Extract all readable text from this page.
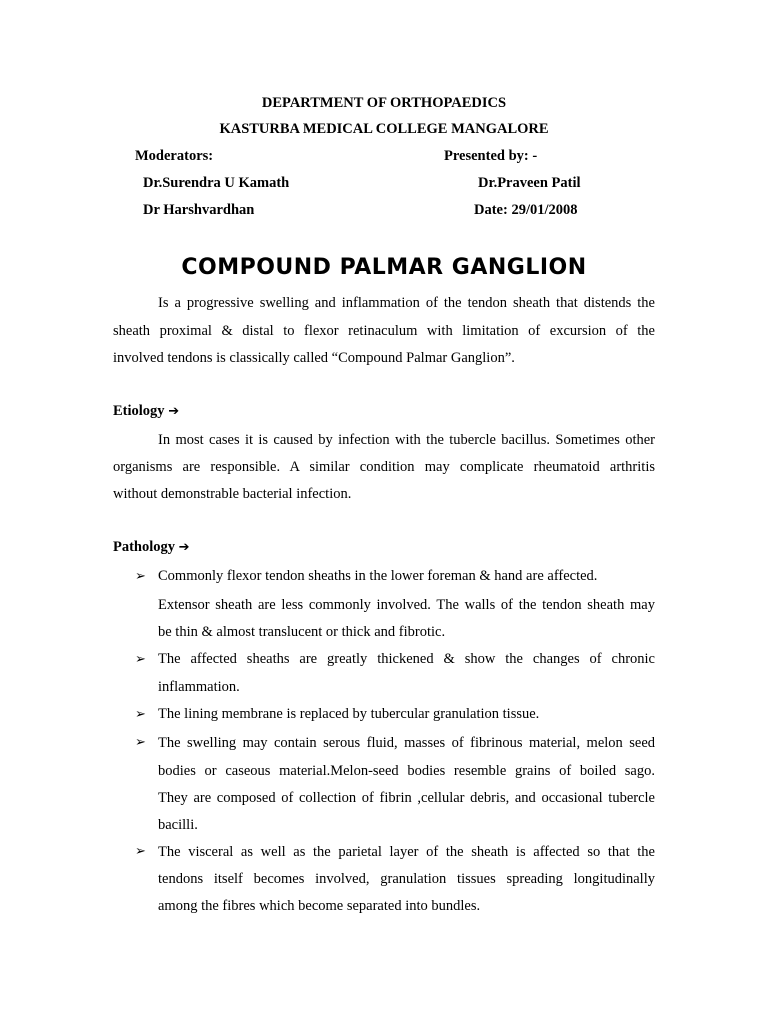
DEPARTMENT OF ORTHOPAEDICS
KASTURBA MEDICAL COLLEGE MANGALORE
Moderators:	Presented by: -
Dr.Surendra U Kamath	Dr.Praveen Patil
Dr Harshvardhan	Date: 29/01/2008
COMPOUND PALMAR GANGLION
Is a progressive swelling and inflammation of the tendon sheath that distends the
sheath proximal & distal to flexor retinaculum with limitation of excursion of the
involved tendons is classically called “Compound Palmar Ganglion”.
Etiology ➔
In most cases it is caused by infection with the tubercle bacillus. Sometimes other
organisms are responsible. A similar condition may complicate rheumatoid arthritis
without demonstrable bacterial infection.
Pathology ➔
➢ Commonly flexor tendon sheaths in the lower foreman & hand are affected.
Extensor sheath are less commonly involved. The walls of the tendon sheath may
be thin & almost translucent or thick and fibrotic.
➢ The affected sheaths are greatly thickened & show the changes of chronic
inflammation.
➢ The lining membrane is replaced by tubercular granulation tissue.
➢ The swelling may contain serous fluid, masses of fibrinous material, melon seed
bodies or caseous material.Melon-seed bodies resemble grains of boiled sago.
They are composed of collection of fibrin ,cellular debris, and occasional tubercle
bacilli.
➢ The visceral as well as the parietal layer of the sheath is affected so that the
tendons itself becomes involved, granulation tissues spreading longitudinally
among the fibres which become separated into bundles.
